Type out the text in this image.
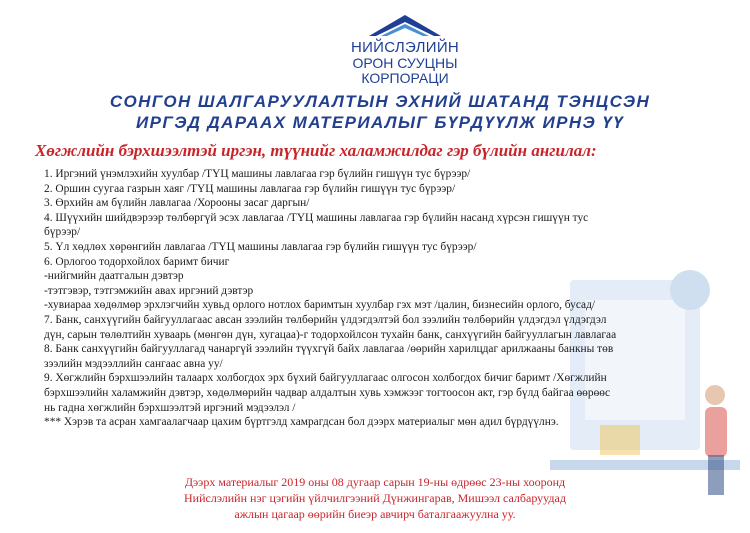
НИЙСЛЭЛИЙН
ОРОН СУУЦНЫ КОРПОРАЦИ
СОНГОН ШАЛГАРУУЛАЛТЫН ЭХНИЙ ШАТАНД ТЭНЦСЭН
ИРГЭД ДАРААХ МАТЕРИАЛЫГ БҮРДҮҮЛЖ ИРНЭ ҮҮ
Хөгжлийн бэрхшээлтэй иргэн, түүнийг халамжилдаг гэр бүлийн ангилал:
1. Иргэний үнэмлэхийн хуулбар /ТҮЦ машины лавлагаа гэр бүлийн гишүүн тус бүрээр/
2. Оршин суугаа газрын хаяг /ТҮЦ машины лавлагаа гэр бүлийн гишүүн тус бүрээр/
3. Өрхийн ам бүлийн лавлагаа /Хорооны засаг даргын/
4. Шүүхийн шийдвэрээр төлбөргүй эсэх лавлагаа /ТҮЦ машины лавлагаа гэр бүлийн насанд хүрсэн гишүүн тус
бүрээр/
5. Үл хөдлөх хөрөнгийн лавлагаа /ТҮЦ машины лавлагаа гэр бүлийн гишүүн тус бүрээр/
6. Орлогоо тодорхойлох баримт бичиг
-нийгмийн даатгалын дэвтэр
-тэтгэвэр, тэтгэмжийн авах иргэний дэвтэр
-хувиараа хөдөлмөр эрхлэгчийн хувьд орлого нотлох баримтын хуулбар гэх мэт /цалин, бизнесийн орлого, бусад/
7. Банк, санхүүгийн байгууллагаас авсан зээлийн төлбөрийн үлдэгдэлтэй бол зээлийн төлбөрийн үлдэгдэл үлдэгдэл
дүн, сарын төлөлтийн хуваарь (мөнгөн дүн, хугацаа)-г тодорхойлсон тухайн банк, санхүүгийн байгууллагын лавлагаа
8. Банк санхүүгийн байгууллагад чанаргүй зээлийн түүхгүй байх лавлагаа /өөрийн харилцдаг арилжааны банкны төв
зээлийн мэдээллийн сангаас авна уу/
9. Хөгжлийн бэрхшээлийн талаарх холбогдох эрх бүхий байгууллагаас олгосон холбогдох бичиг баримт /Хөгжлийн
бэрхшээлийн халамжийн дэвтэр, хөдөлмөрийн чадвар алдалтын хувь хэмжээг тогтоосон акт, гэр бүлд байгаа өөрөөс
нь гадна хөгжлийн бэрхшээлтэй иргэний мэдээлэл /
*** Хэрэв та асран хамгаалагчаар цахим бүртгэлд хамрагдсан бол дээрх материалыг мөн адил бүрдүүлнэ.
Дээрх материалыг 2019 оны 08 дугаар сарын 19-ны өдрөөс 23-ны хооронд
Нийслэлийн нэг цэгийн үйлчилгээний Дүнжингарав, Мишээл салбаруудад
ажлын цагаар өөрийн биеэр авчирч баталгаажуулна уу.
